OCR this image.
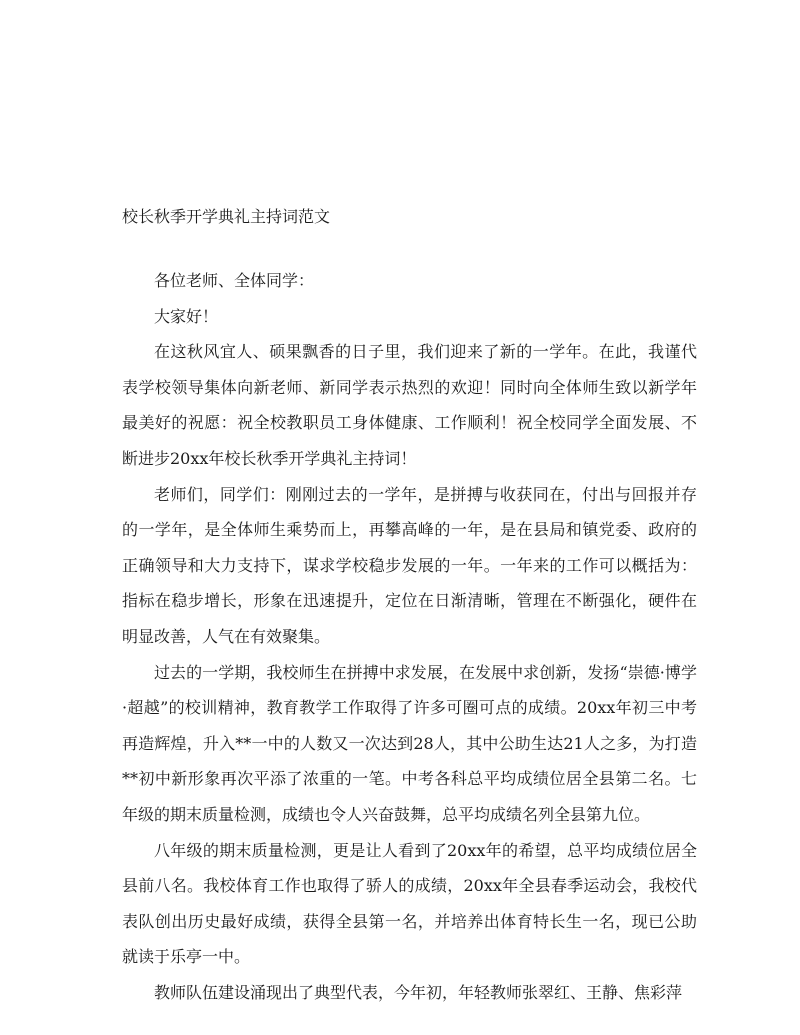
校长秋季开学典礼主持词范文

各位老师、全体同学：

大家好！

在这秋风宜人、硕果飘香的日子里，我们迎来了新的一学年。在此，我谨代表学校领导集体向新老师、新同学表示热烈的欢迎！同时向全体师生致以新学年最美好的祝愿：祝全校教职员工身体健康、工作顺利！祝全校同学全面发展、不断进步20xx年校长秋季开学典礼主持词！

老师们，同学们：刚刚过去的一学年，是拼搏与收获同在，付出与回报并存的一学年，是全体师生乘势而上，再攀高峰的一年，是在县局和镇党委、政府的正确领导和大力支持下，谋求学校稳步发展的一年。一年来的工作可以概括为：指标在稳步增长，形象在迅速提升，定位在日渐清晰，管理在不断强化，硬件在明显改善，人气在有效聚集。

过去的一学期，我校师生在拼搏中求发展，在发展中求创新，发扬“崇德·博学·超越”的校训精神，教育教学工作取得了许多可圈可点的成绩。20xx年初三中考再造辉煌，升入**一中的人数又一次达到28人，其中公助生达21人之多，为打造**初中新形象再次平添了浓重的一笔。中考各科总平均成绩位居全县第二名。七年级的期末质量检测，成绩也令人兴奋鼓舞，总平均成绩名列全县第九位。

八年级的期末质量检测，更是让人看到了20xx年的希望，总平均成绩位居全县前八名。我校体育工作也取得了骄人的成绩，20xx年全县春季运动会，我校代表队创出历史最好成绩，获得全县第一名，并培养出体育特长生一名，现已公助就读于乐亭一中。

教师队伍建设涌现出了典型代表，今年初，年轻教师张翠红、王静、焦彩萍
